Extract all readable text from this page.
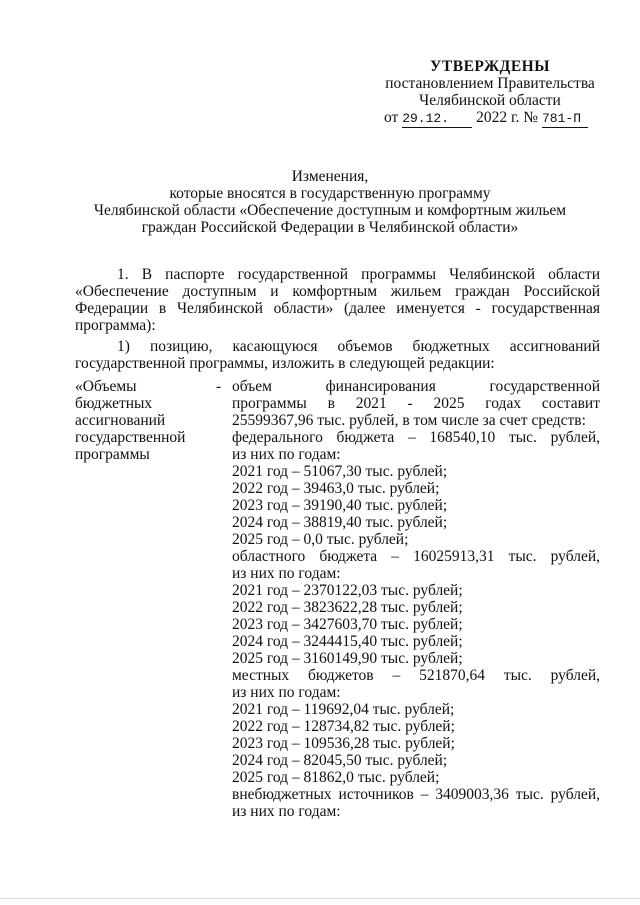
УТВЕРЖДЕНЫ
постановлением Правительства
Челябинской области
от 29.12. 2022 г. № 781-П
Изменения,
которые вносятся в государственную программу
Челябинской области «Обеспечение доступным и комфортным жильем
граждан Российской Федерации в Челябинской области»
1. В паспорте государственной программы Челябинской области
«Обеспечение доступным и комфортным жильем граждан Российской
Федерации в Челябинской области» (далее именуется - государственная
программа):
1) позицию, касающуюся объемов бюджетных ассигнований
государственной программы, изложить в следующей редакции:
«Объемы
бюджетных
ассигнований
государственной
программы
- объем финансирования государственной
программы в 2021 - 2025 годах составит
25599367,96 тыс. рублей, в том числе за счет средств:
федерального бюджета – 168540,10 тыс. рублей,
из них по годам:
2021 год – 51067,30 тыс. рублей;
2022 год – 39463,0 тыс. рублей;
2023 год – 39190,40 тыс. рублей;
2024 год – 38819,40 тыс. рублей;
2025 год – 0,0 тыс. рублей;
областного бюджета – 16025913,31 тыс. рублей,
из них по годам:
2021 год – 2370122,03 тыс. рублей;
2022 год – 3823622,28 тыс. рублей;
2023 год – 3427603,70 тыс. рублей;
2024 год – 3244415,40 тыс. рублей;
2025 год – 3160149,90 тыс. рублей;
местных бюджетов – 521870,64 тыс. рублей,
из них по годам:
2021 год – 119692,04 тыс. рублей;
2022 год – 128734,82 тыс. рублей;
2023 год – 109536,28 тыс. рублей;
2024 год – 82045,50 тыс. рублей;
2025 год – 81862,0 тыс. рублей;
внебюджетных источников – 3409003,36 тыс. рублей,
из них по годам:
